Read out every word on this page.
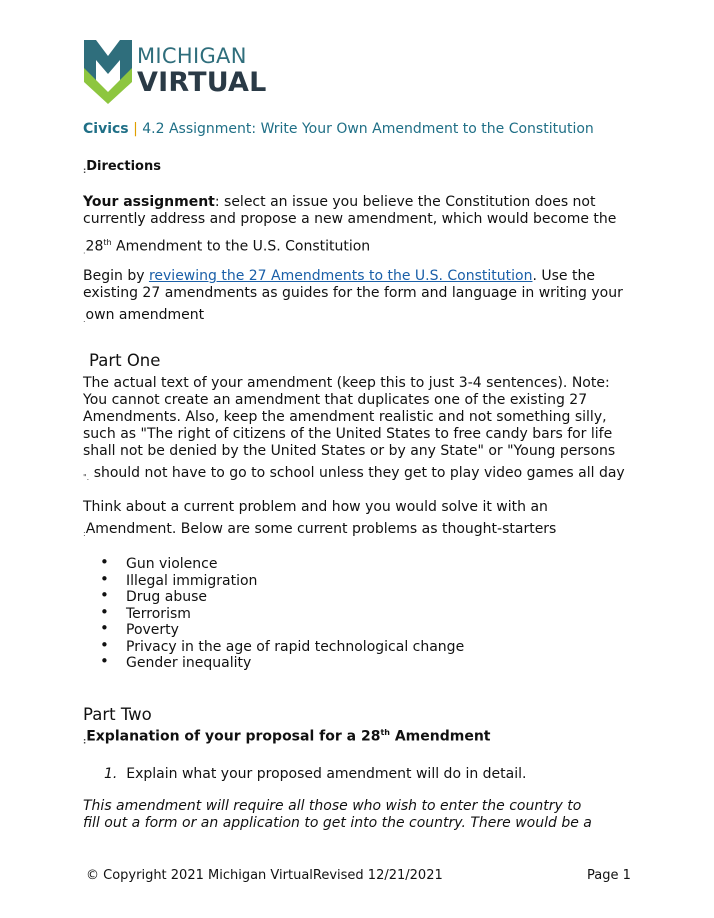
MICHIGAN
VIRTUAL
Civics | 4.2 Assignment: Write Your Own Amendment to the Constitution
$_:$Directions
Your assignment: select an issue you believe the Constitution does not
currently address and propose a new amendment, which would become the
$_.$28th Amendment to the U.S. Constitution
Begin by reviewing the 27 Amendments to the U.S. Constitution. Use the
existing 27 amendments as guides for the form and language in writing your
$_.$own amendment
Part One
The actual text of your amendment (keep this to just 3-4 sentences). Note:
You cannot create an amendment that duplicates one of the existing 27
Amendments. Also, keep the amendment realistic and not something silly,
such as "The right of citizens of the United States to free candy bars for life
shall not be denied by the United States or by any State" or "Young persons
$_{".}$ should not have to go to school unless they get to play video games all day
Think about a current problem and how you would solve it with an
$_:$Amendment. Below are some current problems as thought-starters
• Gun violence
• Illegal immigration
• Drug abuse
• Terrorism
• Poverty
• Privacy in the age of rapid technological change
• Gender inequality
Part Two
$_:$Explanation of your proposal for a 28th Amendment
1. Explain what your proposed amendment will do in detail.
This amendment will require all those who wish to enter the country to
fill out a form or an application to get into the country. There would be a
© Copyright 2021 Michigan VirtualRevised 12/21/2021	Page 1
